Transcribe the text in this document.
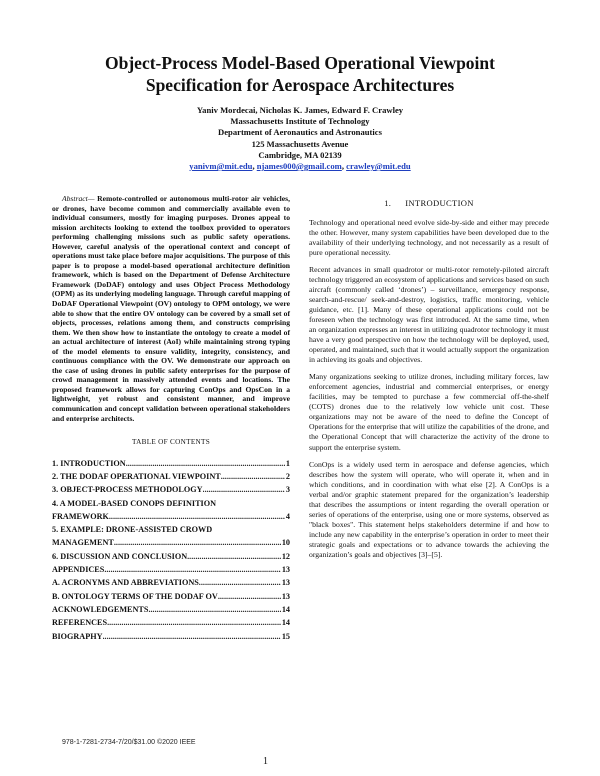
Object-Process Model-Based Operational Viewpoint
Specification for Aerospace Architectures
Yaniv Mordecai, Nicholas K. James, Edward F. Crawley
Massachusetts Institute of Technology
Department of Aeronautics and Astronautics
125 Massachusetts Avenue
Cambridge, MA 02139
yanivm@mit.edu, njames000@gmail.com, crawley@mit.edu

Abstract— Remote-controlled or autonomous multi-rotor air vehicles, or drones, have become common and commercially available even to individual consumers, mostly for imaging purposes. Drones appeal to mission architects looking to extend the toolbox provided to operators performing challenging missions such as public safety operations. However, careful analysis of the operational context and concept of operations must take place before major acquisitions. The purpose of this paper is to propose a model-based operational architecture definition framework, which is based on the Department of Defense Architecture Framework (DoDAF) ontology and uses Object Process Methodology (OPM) as its underlying modeling language. Through careful mapping of DoDAF Operational Viewpoint (OV) ontology to OPM ontology, we were able to show that the entire OV ontology can be covered by a small set of objects, processes, relations among them, and constructs comprising them. We then show how to instantiate the ontology to create a model of an actual architecture of interest (AoI) while maintaining strong typing of the model elements to ensure validity, integrity, consistency, and continuous compliance with the OV. We demonstrate our approach on the case of using drones in public safety enterprises for the purpose of crowd management in massively attended events and locations. The proposed framework allows for capturing ConOps and OpsCon in a lightweight, yet robust and consistent manner, and improve communication and concept validation between operational stakeholders and enterprise architects.

TABLE OF CONTENTS
1. INTRODUCTION .....	1
2. THE DODAF OPERATIONAL VIEWPOINT .....	2
3. OBJECT-PROCESS METHODOLOGY .....	3
4. A MODEL-BASED CONOPS DEFINITION
FRAMEWORK .....	4
5. EXAMPLE: DRONE-ASSISTED CROWD
MANAGEMENT .....	10
6. DISCUSSION AND CONCLUSION .....	12
APPENDICES .....	13
A. ACRONYMS AND ABBREVIATIONS .....	13
B. ONTOLOGY TERMS OF THE DODAF OV .....	13
ACKNOWLEDGEMENTS .....	14
REFERENCES .....	14
BIOGRAPHY .....	15
1. INTRODUCTION

Technology and operational need evolve side-by-side and either may precede the other. However, many system capabilities have been developed due to the availability of their underlying technology, and not necessarily as a result of pure operational necessity.

Recent advances in small quadrotor or multi-rotor remotely-piloted aircraft technology triggered an ecosystem of applications and services based on such aircraft (commonly called ‘drones’) – surveillance, emergency response, search-and-rescue/ seek-and-destroy, logistics, traffic monitoring, vehicle guidance, etc. [1]. Many of these operational applications could not be foreseen when the technology was first introduced. At the same time, when an organization expresses an interest in utilizing quadrotor technology it must have a very good perspective on how the technology will be deployed, used, operated, and maintained, such that it would actually support the organization in achieving its goals and objectives.

Many organizations seeking to utilize drones, including military forces, law enforcement agencies, industrial and commercial enterprises, or energy facilities, may be tempted to purchase a few commercial off-the-shelf (COTS) drones due to the relatively low vehicle unit cost. These organizations may not be aware of the need to define the Concept of Operations for the enterprise that will utilize the capabilities of the drone, and the Operational Concept that will characterize the activity of the drone to support the enterprise system.

ConOps is a widely used term in aerospace and defense agencies, which describes how the system will operate, who will operate it, when and in which conditions, and in coordination with what else [2]. A ConOps is a verbal and/or graphic statement prepared for the organization’s leadership that describes the assumptions or intent regarding the overall operation or series of operations of the enterprise, using one or more systems, observed as "black boxes". This statement helps stakeholders determine if and how to include any new capability in the enterprise’s operation in order to meet their strategic goals and expectations or to advance towards the achieving the organization’s goals and objectives [3]–[5].

978-1-7281-2734-7/20/$31.00 ©2020 IEEE
1
